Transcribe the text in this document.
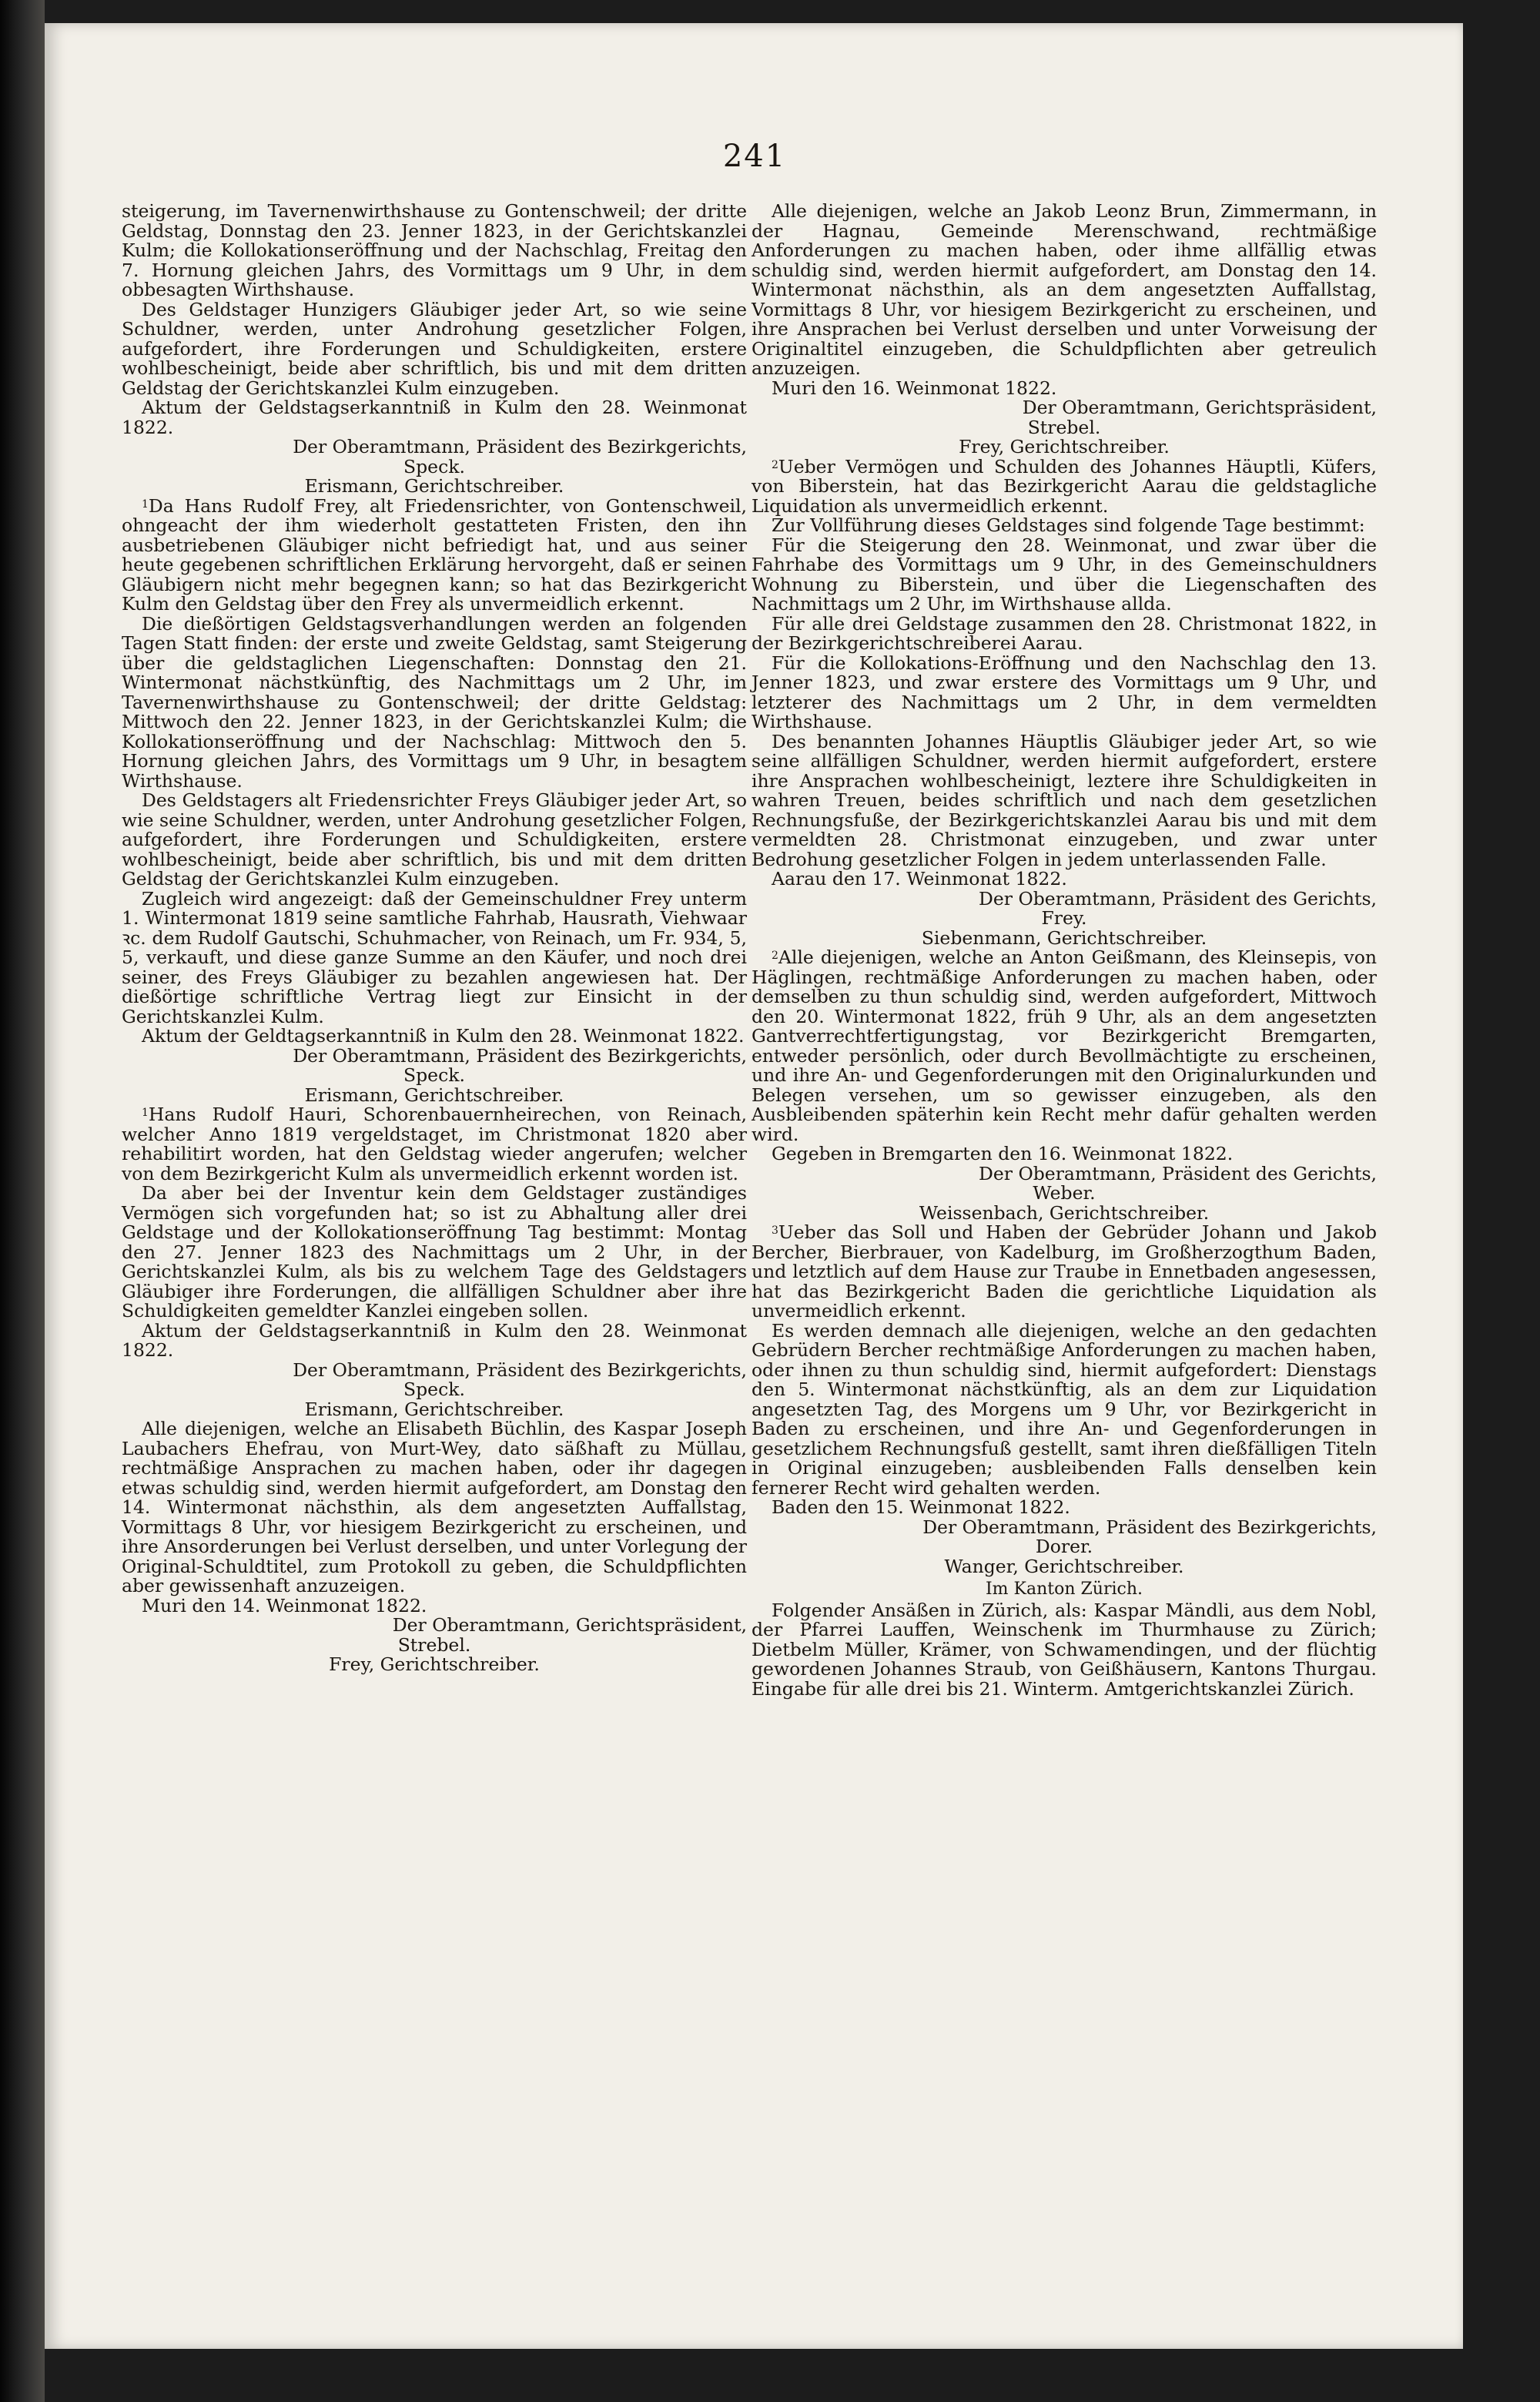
241

steigerung, im Tavernenwirthshause zu Gontenschweil; der dritte Geldstag, Donnstag den 23. Jenner 1823, in der Gerichtskanzlei Kulm; die Kollokationseröffnung und der Nachschlag, Freitag den 7. Hornung gleichen Jahrs, des Vormittags um 9 Uhr, in dem obbesagten Wirthshause.

Des Geldstager Hunzigers Gläubiger jeder Art, so wie seine Schuldner, werden, unter Androhung gesetzlicher Folgen, aufgefordert, ihre Forderungen und Schuldigkeiten, erstere wohlbescheinigt, beide aber schriftlich, bis und mit dem dritten Geldstag der Gerichtskanzlei Kulm einzugeben.

Aktum der Geldstagserkanntniß in Kulm den 28. Weinmonat 1822.

Der Oberamtmann, Präsident des Bezirkgerichts,
Speck.
Erismann, Gerichtschreiber.

$^1$Da Hans Rudolf Frey, alt Friedensrichter, von Gontenschweil, ohngeacht der ihm wiederholt gestatteten Fristen, den ihn ausbetriebenen Gläubiger nicht befriedigt hat, und aus seiner heute gegebenen schriftlichen Erklärung hervorgeht, daß er seinen Gläubigern nicht mehr begegnen kann; so hat das Bezirkgericht Kulm den Geldstag über den Frey als unvermeidlich erkennt.

Die dießörtigen Geldstagsverhandlungen werden an folgenden Tagen Statt finden: der erste und zweite Geldstag, samt Steigerung über die geldstaglichen Liegenschaften: Donnstag den 21. Wintermonat nächstkünftig, des Nachmittags um 2 Uhr, im Tavernenwirthshause zu Gontenschweil; der dritte Geldstag: Mittwoch den 22. Jenner 1823, in der Gerichtskanzlei Kulm; die Kollokationseröffnung und der Nachschlag: Mittwoch den 5. Hornung gleichen Jahrs, des Vormittags um 9 Uhr, in besagtem Wirthshause.

Des Geldstagers alt Friedensrichter Freys Gläubiger jeder Art, so wie seine Schuldner, werden, unter Androhung gesetzlicher Folgen, aufgefordert, ihre Forderungen und Schuldigkeiten, erstere wohlbescheinigt, beide aber schriftlich, bis und mit dem dritten Geldstag der Gerichtskanzlei Kulm einzugeben.

Zugleich wird angezeigt: daß der Gemeinschuldner Frey unterm 1. Wintermonat 1819 seine samtliche Fahrhab, Hausrath, Viehwaar ꝛc. dem Rudolf Gautschi, Schuhmacher, von Reinach, um Fr. 934, 5, 5, verkauft, und diese ganze Summe an den Käufer, und noch drei seiner, des Freys Gläubiger zu bezahlen angewiesen hat. Der dießörtige schriftliche Vertrag liegt zur Einsicht in der Gerichtskanzlei Kulm.

Aktum der Geldtagserkanntniß in Kulm den 28. Weinmonat 1822.

Der Oberamtmann, Präsident des Bezirkgerichts,
Speck.
Erismann, Gerichtschreiber.

$^1$Hans Rudolf Hauri, Schorenbauernheirechen, von Reinach, welcher Anno 1819 vergeldstaget, im Christmonat 1820 aber rehabilitirt worden, hat den Geldstag wieder angerufen; welcher von dem Bezirkgericht Kulm als unvermeidlich erkennt worden ist.

Da aber bei der Inventur kein dem Geldstager zuständiges Vermögen sich vorgefunden hat; so ist zu Abhaltung aller drei Geldstage und der Kollokationseröffnung Tag bestimmt: Montag den 27. Jenner 1823 des Nachmittags um 2 Uhr, in der Gerichtskanzlei Kulm, als bis zu welchem Tage des Geldstagers Gläubiger ihre Forderungen, die allfälligen Schuldner aber ihre Schuldigkeiten gemeldter Kanzlei eingeben sollen.

Aktum der Geldstagserkanntniß in Kulm den 28. Weinmonat 1822.

Der Oberamtmann, Präsident des Bezirkgerichts,
Speck.
Erismann, Gerichtschreiber.

Alle diejenigen, welche an Elisabeth Büchlin, des Kaspar Joseph Laubachers Ehefrau, von Murt-Wey, dato säßhaft zu Müllau, rechtmäßige Ansprachen zu machen haben, oder ihr dagegen etwas schuldig sind, werden hiermit aufgefordert, am Donstag den 14. Wintermonat nächsthin, als dem angesetzten Auffallstag, Vormittags 8 Uhr, vor hiesigem Bezirkgericht zu erscheinen, und ihre Ansorderungen bei Verlust derselben, und unter Vorlegung der Original-Schuldtitel, zum Protokoll zu geben, die Schuldpflichten aber gewissenhaft anzuzeigen.

Muri den 14. Weinmonat 1822.

Der Oberamtmann, Gerichtspräsident,
Strebel.
Frey, Gerichtschreiber.

Alle diejenigen, welche an Jakob Leonz Brun, Zimmermann, in der Hagnau, Gemeinde Merenschwand, rechtmäßige Anforderungen zu machen haben, oder ihme allfällig etwas schuldig sind, werden hiermit aufgefordert, am Donstag den 14. Wintermonat nächsthin, als an dem angesetzten Auffallstag, Vormittags 8 Uhr, vor hiesigem Bezirkgericht zu erscheinen, und ihre Ansprachen bei Verlust derselben und unter Vorweisung der Originaltitel einzugeben, die Schuldpflichten aber getreulich anzuzeigen.

Muri den 16. Weinmonat 1822.

Der Oberamtmann, Gerichtspräsident,
Strebel.
Frey, Gerichtschreiber.

$^2$Ueber Vermögen und Schulden des Johannes Häuptli, Küfers, von Biberstein, hat das Bezirkgericht Aarau die geldstagliche Liquidation als unvermeidlich erkennt.

Zur Vollführung dieses Geldstages sind folgende Tage bestimmt:

Für die Steigerung den 28. Weinmonat, und zwar über die Fahrhabe des Vormittags um 9 Uhr, in des Gemeinschuldners Wohnung zu Biberstein, und über die Liegenschaften des Nachmittags um 2 Uhr, im Wirthshause allda.

Für alle drei Geldstage zusammen den 28. Christmonat 1822, in der Bezirkgerichtschreiberei Aarau.

Für die Kollokations-Eröffnung und den Nachschlag den 13. Jenner 1823, und zwar erstere des Vormittags um 9 Uhr, und letzterer des Nachmittags um 2 Uhr, in dem vermeldten Wirthshause.

Des benannten Johannes Häuptlis Gläubiger jeder Art, so wie seine allfälligen Schuldner, werden hiermit aufgefordert, erstere ihre Ansprachen wohlbescheinigt, leztere ihre Schuldigkeiten in wahren Treuen, beides schriftlich und nach dem gesetzlichen Rechnungsfuße, der Bezirkgerichtskanzlei Aarau bis und mit dem vermeldten 28. Christmonat einzugeben, und zwar unter Bedrohung gesetzlicher Folgen in jedem unterlassenden Falle.

Aarau den 17. Weinmonat 1822.

Der Oberamtmann, Präsident des Gerichts,
Frey.
Siebenmann, Gerichtschreiber.

$^2$Alle diejenigen, welche an Anton Geißmann, des Kleinsepis, von Häglingen, rechtmäßige Anforderungen zu machen haben, oder demselben zu thun schuldig sind, werden aufgefordert, Mittwoch den 20. Wintermonat 1822, früh 9 Uhr, als an dem angesetzten Gantverrechtfertigungstag, vor Bezirkgericht Bremgarten, entweder persönlich, oder durch Bevollmächtigte zu erscheinen, und ihre An- und Gegenforderungen mit den Originalurkunden und Belegen versehen, um so gewisser einzugeben, als den Ausbleibenden späterhin kein Recht mehr dafür gehalten werden wird.

Gegeben in Bremgarten den 16. Weinmonat 1822.

Der Oberamtmann, Präsident des Gerichts,
Weber.
Weissenbach, Gerichtschreiber.

$^3$Ueber das Soll und Haben der Gebrüder Johann und Jakob Bercher, Bierbrauer, von Kadelburg, im Großherzogthum Baden, und letztlich auf dem Hause zur Traube in Ennetbaden angesessen, hat das Bezirkgericht Baden die gerichtliche Liquidation als unvermeidlich erkennt.

Es werden demnach alle diejenigen, welche an den gedachten Gebrüdern Bercher rechtmäßige Anforderungen zu machen haben, oder ihnen zu thun schuldig sind, hiermit aufgefordert: Dienstags den 5. Wintermonat nächstkünftig, als an dem zur Liquidation angesetzten Tag, des Morgens um 9 Uhr, vor Bezirkgericht in Baden zu erscheinen, und ihre An- und Gegenforderungen in gesetzlichem Rechnungsfuß gestellt, samt ihren dießfälligen Titeln in Original einzugeben; ausbleibenden Falls denselben kein fernerer Recht wird gehalten werden.

Baden den 15. Weinmonat 1822.

Der Oberamtmann, Präsident des Bezirkgerichts,
Dorer.
Wanger, Gerichtschreiber.
Im Kanton Zürich.

Folgender Ansäßen in Zürich, als: Kaspar Mändli, aus dem Nobl, der Pfarrei Lauffen, Weinschenk im Thurmhause zu Zürich; Dietbelm Müller, Krämer, von Schwamendingen, und der flüchtig gewordenen Johannes Straub, von Geißhäusern, Kantons Thurgau. Eingabe für alle drei bis 21. Winterm. Amtgerichtskanzlei Zürich.
